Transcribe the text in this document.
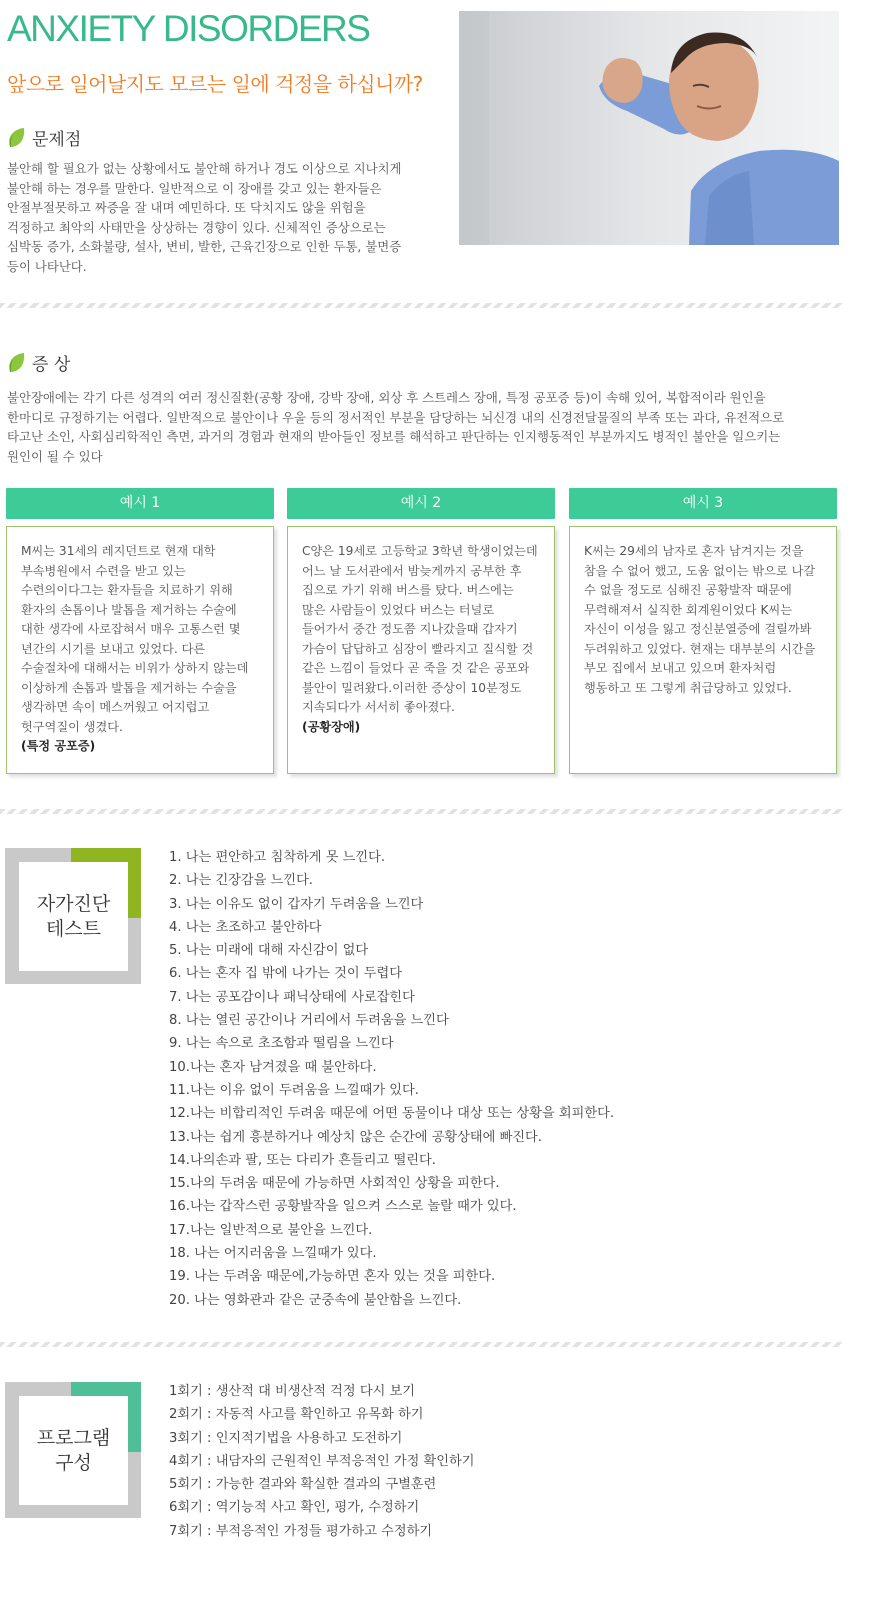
ANXIETY DISORDERS
앞으로 일어날지도 모르는 일에 걱정을 하십니까?
문제점
불안해 할 필요가 없는 상황에서도 불안해 하거나 경도 이상으로 지나치게
불안해 하는 경우를 말한다. 일반적으로 이 장애를 갖고 있는 환자들은
안절부절못하고 짜증을 잘 내며 예민하다. 또 닥치지도 않을 위험을
걱정하고 최악의 사태만을 상상하는 경향이 있다. 신체적인 증상으로는
심박동 증가, 소화불량, 설사, 변비, 발한, 근육긴장으로 인한 두통, 불면증
등이 나타난다.
증 상
불안장애에는 각기 다른 성격의 여러 정신질환(공황 장애, 강박 장애, 외상 후 스트레스 장애, 특정 공포증 등)이 속해 있어, 복합적이라 원인을
한마디로 규정하기는 어렵다. 일반적으로 불안이나 우울 등의 정서적인 부분을 담당하는 뇌신경 내의 신경전달물질의 부족 또는 과다, 유전적으로
타고난 소인, 사회심리학적인 측면, 과거의 경험과 현재의 받아들인 정보를 해석하고 판단하는 인지행동적인 부분까지도 병적인 불안을 일으키는
원인이 될 수 있다
예시 1	예시 2	예시 3
M씨는 31세의 레지던트로 현재 대학
부속병원에서 수련을 받고 있는
수련의이다그는 환자들을 치료하기 위해
환자의 손톱이나 발톱을 제거하는 수술에
대한 생각에 사로잡혀서 매우 고통스런 몇
년간의 시기를 보내고 있었다. 다른
수술절차에 대해서는 비위가 상하지 않는데
이상하게 손톱과 발톱을 제거하는 수술을
생각하면 속이 메스꺼웠고 어지럽고
헛구역질이 생겼다.
(특정 공포증)
C양은 19세로 고등학교 3학년 학생이었는데
어느 날 도서관에서 밤늦게까지 공부한 후
집으로 가기 위해 버스를 탔다. 버스에는
많은 사람들이 있었다 버스는 터널로
들어가서 중간 정도쯤 지나갔을때 갑자기
가슴이 답답하고 심장이 빨라지고 질식할 것
같은 느낌이 들었다 곧 죽을 것 같은 공포와
불안이 밀려왔다.이러한 증상이 10분정도
지속되다가 서서히 좋아졌다.
(공황장애)
K씨는 29세의 남자로 혼자 남겨지는 것을
참을 수 없어 했고, 도움 없이는 밖으로 나갈
수 없을 정도로 심해진 공황발작 때문에
무력해져서 실직한 회계원이었다 K씨는
자신이 이성을 잃고 정신분열증에 걸릴까봐
두려워하고 있었다. 현재는 대부분의 시간을
부모 집에서 보내고 있으며 환자처럼
행동하고 또 그렇게 취급당하고 있었다.
자가진단
테스트
1. 나는 편안하고 침착하게 못 느낀다.
2. 나는 긴장감을 느낀다.
3. 나는 이유도 없이 갑자기 두려움을 느낀다
4. 나는 초조하고 불안하다
5. 나는 미래에 대해 자신감이 없다
6. 나는 혼자 집 밖에 나가는 것이 두렵다
7. 나는 공포감이나 패닉상태에 사로잡힌다
8. 나는 열린 공간이나 거리에서 두려움을 느낀다
9. 나는 속으로 초조함과 떨림을 느낀다
10.나는 혼자 남겨졌을 때 불안하다.
11.나는 이유 없이 두려움을 느낄때가 있다.
12.나는 비합리적인 두려움 때문에 어떤 동물이나 대상 또는 상황을 회피한다.
13.나는 쉽게 흥분하거나 예상치 않은 순간에 공황상태에 빠진다.
14.나의손과 팔, 또는 다리가 흔들리고 떨린다.
15.나의 두려움 때문에 가능하면 사회적인 상황을 피한다.
16.나는 갑작스런 공황발작을 일으켜 스스로 놀랄 때가 있다.
17.나는 일반적으로 불안을 느낀다.
18. 나는 어지러움을 느낄때가 있다.
19. 나는 두려움 때문에,가능하면 혼자 있는 것을 피한다.
20. 나는 영화관과 같은 군중속에 불안함을 느낀다.
프로그램
구성
1회기 : 생산적 대 비생산적 걱정 다시 보기
2회기 : 자동적 사고를 확인하고 유목화 하기
3회기 : 인지적기법을 사용하고 도전하기
4회기 : 내담자의 근원적인 부적응적인 가정 확인하기
5회기 : 가능한 결과와 확실한 결과의 구별훈련
6회기 : 역기능적 사고 확인, 평가, 수정하기
7회기 : 부적응적인 가정들 평가하고 수정하기
